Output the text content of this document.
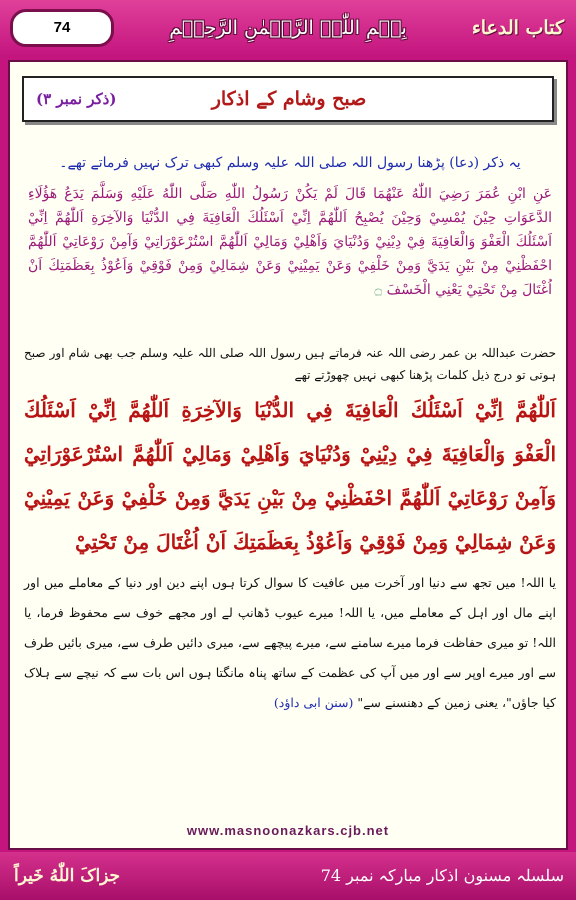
74	بِسۡمِ اللّٰہِ الرَّحۡمٰنِ الرَّحِیۡمِ	کتاب الدعاء
صبح وشام کے اذکار
(ذکر نمبر ۳)
یہ ذکر (دعا) پڑھنا رسول اللہ صلی اللہ علیہ وسلم کبھی ترک نہیں فرماتے تھے۔

عَنِ ابْنِ عُمَرَ رَضِيَ اللّٰهُ عَنْهُمَا قَالَ لَمْ يَكُنْ رَسُولُ اللّٰهِ صَلَّى اللّٰهُ عَلَيْهِ وَسَلَّمَ يَدَعُ هَؤُلَاءِ الدَّعَوَاتِ حِيْنَ يُمْسِيْ وَحِيْنَ يُصْبِحُ اَللّٰهُمَّ اِنِّيْ اَسْئَلُكَ الْعَافِيَةَ فِي الدُّنْيَا وَالآخِرَةِ اَللّٰهُمَّ اِنِّيْ اَسْئَلُكَ الْعَفْوَ وَالْعَافِيَةَ فِيْ دِيْنِيْ وَدُنْيَايَ وَاَهْلِيْ وَمَالِيْ اَللّٰهُمَّ اسْتُرْعَوْرَاتِيْ وَآمِنْ رَوْعَاتِيْ اَللّٰهُمَّ احْفَظْنِيْ مِنْ بَيْنِ يَدَيَّ وَمِنْ خَلْفِيْ وَعَنْ يَمِيْنِيْ وَعَنْ شِمَالِيْ وَمِنْ فَوْقِيْ وَاَعُوْذُ بِعَظَمَتِكَ اَنْ اُغْتَالَ مِنْ تَحْتِيْ يَعْنِي الْخَسْفَ ۝

حضرت عبداللہ بن عمر رضی اللہ عنہ فرماتے ہیں رسول اللہ صلی اللہ علیہ وسلم جب بھی شام اور صبح ہوتی تو درج ذیل کلمات پڑھنا کبھی نہیں چھوڑتے تھے

اَللّٰهُمَّ اِنِّيْ اَسْئَلُكَ الْعَافِيَةَ فِي الدُّنْيَا وَالآخِرَةِ اَللّٰهُمَّ اِنِّيْ اَسْئَلُكَ الْعَفْوَ وَالْعَافِيَةَ فِيْ دِيْنِيْ وَدُنْيَايَ وَاَهْلِيْ وَمَالِيْ اَللّٰهُمَّ اسْتُرْعَوْرَاتِيْ وَآمِنْ رَوْعَاتِيْ اَللّٰهُمَّ احْفَظْنِيْ مِنْ بَيْنِ يَدَيَّ وَمِنْ خَلْفِيْ وَعَنْ يَمِيْنِيْ وَعَنْ شِمَالِيْ وَمِنْ فَوْقِيْ وَاَعُوْذُ بِعَظَمَتِكَ اَنْ اُغْتَالَ مِنْ تَحْتِيْ

یا اللہ! میں تجھ سے دنیا اور آخرت میں عافیت کا سوال کرتا ہوں اپنے دین اور دنیا کے معاملے میں اور اپنے مال اور اہل کے معاملے میں، یا اللہ! میرے عیوب ڈھانپ لے اور مجھے خوف سے محفوظ فرما، یا اللہ! تو میری حفاظت فرما میرے سامنے سے، میرے پیچھے سے، میری دائیں طرف سے، میری بائیں طرف سے اور میرے اوپر سے اور میں آپ کی عظمت کے ساتھ پناہ مانگتا ہوں اس بات سے کہ نیچے سے ہلاک کیا جاؤں"، یعنی زمین کے دھنسنے سے" (سنن ابی داؤد)

www.masnoonazkars.cjb.net
سلسلہ مسنون اذکار مبارکہ نمبر 74
جزاکَ اللّٰهُ خَیراً
